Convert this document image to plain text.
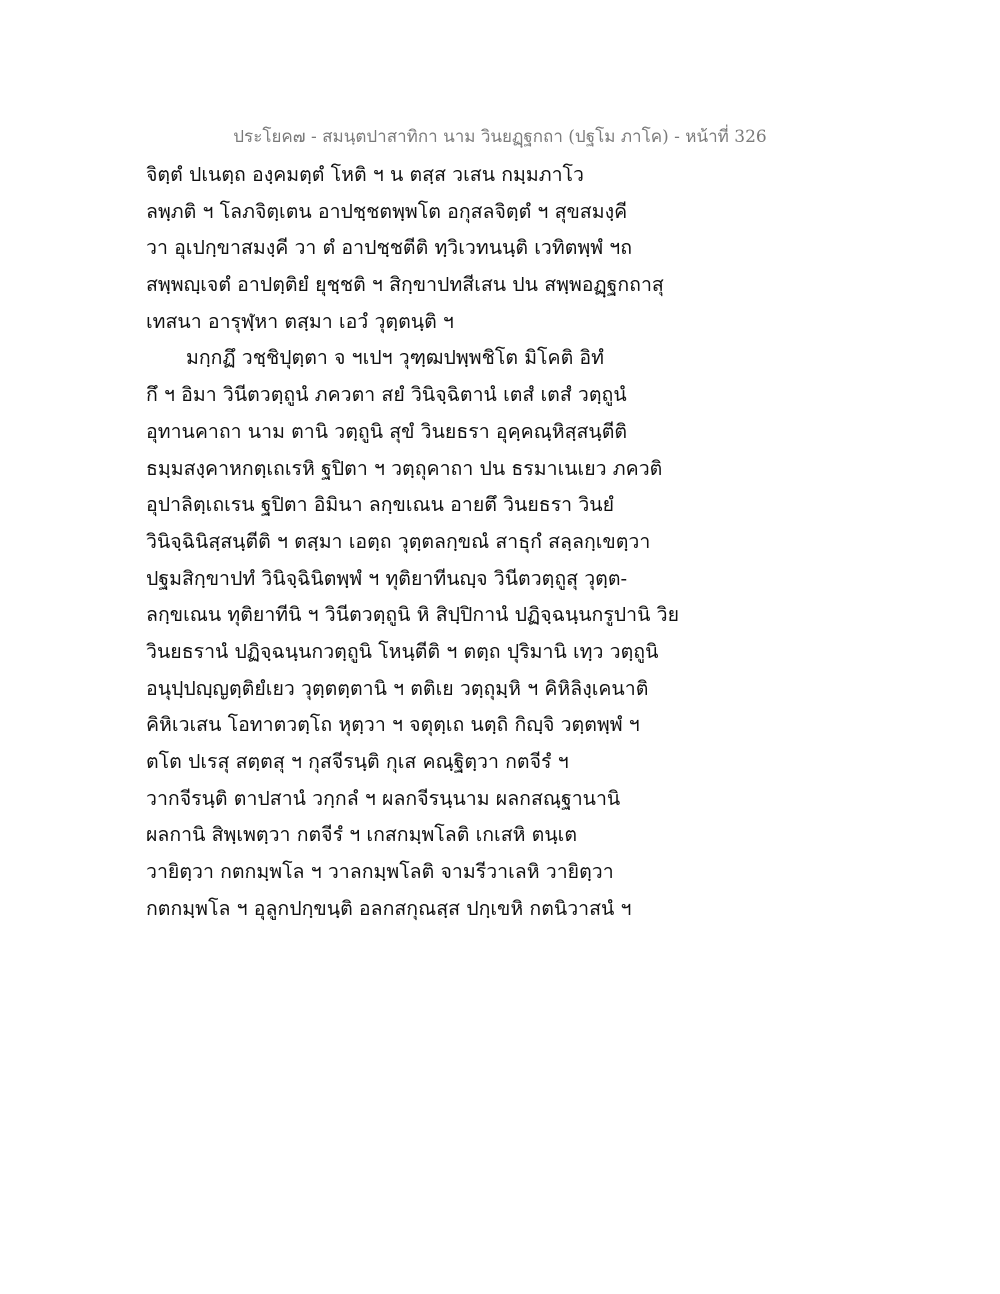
ประโยค๗ - สมนฺตปาสาทิกา นาม วินยฏฺฐกถา (ปฐโม ภาโค) - หน้าที่ 326
จิตฺตํ ปเนตฺถ องฺคมตฺตํ โหติ ฯ น ตสฺส วเสน กมฺมภาโว
ลพฺภติ ฯ โลภจิตฺเตน อาปชฺชตพฺพโต อกุสลจิตฺตํ ฯ สุขสมงฺคี
วา อุเปกฺขาสมงฺคี วา ตํ อาปชฺชตีติ ทฺวิเวทนนฺติ เวทิตพฺพํ ฯถ
สพฺพญฺเจตํ อาปตฺติยํ ยุชฺชติ ฯ สิกฺขาปทสีเสน ปน สพฺพอฏฺฐกถาสุ
เทสนา อารุฬฺหา ตสฺมา เอวํ วุตฺตนฺติ ฯ
มกฺกฏึ วชฺชิปุตฺตา จ ฯเปฯ วุฑฺฒปพฺพชิโต มิโคติ อิทํ
กึ ฯ อิมา วินีตวตฺถูนํ ภควตา สยํ วินิจฺฉิตานํ เตสํ เตสํ วตฺถูนํ
อุทานคาถา นาม ตานิ วตฺถูนิ สุขํ วินยธรา อุคฺคณฺหิสฺสนฺตีติ
ธมฺมสงฺคาหกตฺเถเรหิ ฐปิตา ฯ วตฺถุคาถา ปน ธรมาเนเยว ภควติ
อุปาลิตฺเถเรน ฐปิตา อิมินา ลกฺขเณน อายตึ วินยธรา วินยํ
วินิจฺฉินิสฺสนฺตีติ ฯ ตสฺมา เอตฺถ วุตฺตลกฺขณํ สาธุกํ สลฺลกฺเขตฺวา
ปฐมสิกฺขาปทํ วินิจฺฉินิตพฺพํ ฯ ทุติยาทีนญฺจ วินีตวตฺถูสุ วุตฺต-
ลกฺขเณน ทุติยาทีนิ ฯ วินีตวตฺถูนิ หิ สิปฺปิกานํ ปฏิจฺฉนฺนกรูปานิ วิย
วินยธรานํ ปฏิจฺฉนฺนกวตฺถูนิ โหนฺตีติ ฯ ตตฺถ ปุริมานิ เทฺว วตฺถูนิ
อนุปฺปญฺญตฺติยํเยว วุตฺตตฺตานิ ฯ ตติเย วตฺถุมฺหิ ฯ คิหิลิงฺเคนาติ
คิหิเวเสน โอทาตวตฺโถ หุตฺวา ฯ จตุตฺเถ นตฺถิ กิญฺจิ วตฺตพฺพํ ฯ
ตโต ปเรสุ สตฺตสุ ฯ กุสจีรนฺติ กุเส คณฺฐิตฺวา กตจีรํ ฯ
วากจีรนฺติ ตาปสานํ วกฺกลํ ฯ ผลกจีรนฺนาม ผลกสณฺฐานานิ
ผลกานิ สิพฺเพตฺวา กตจีรํ ฯ เกสกมฺพโลติ เกเสหิ ตนฺเต
วายิตฺวา กตกมฺพโล ฯ วาลกมฺพโลติ จามรีวาเลหิ วายิตฺวา
กตกมฺพโล ฯ อุลูกปกฺขนฺติ อลกสกุณสฺส ปกฺเขหิ กตนิวาสนํ ฯ
